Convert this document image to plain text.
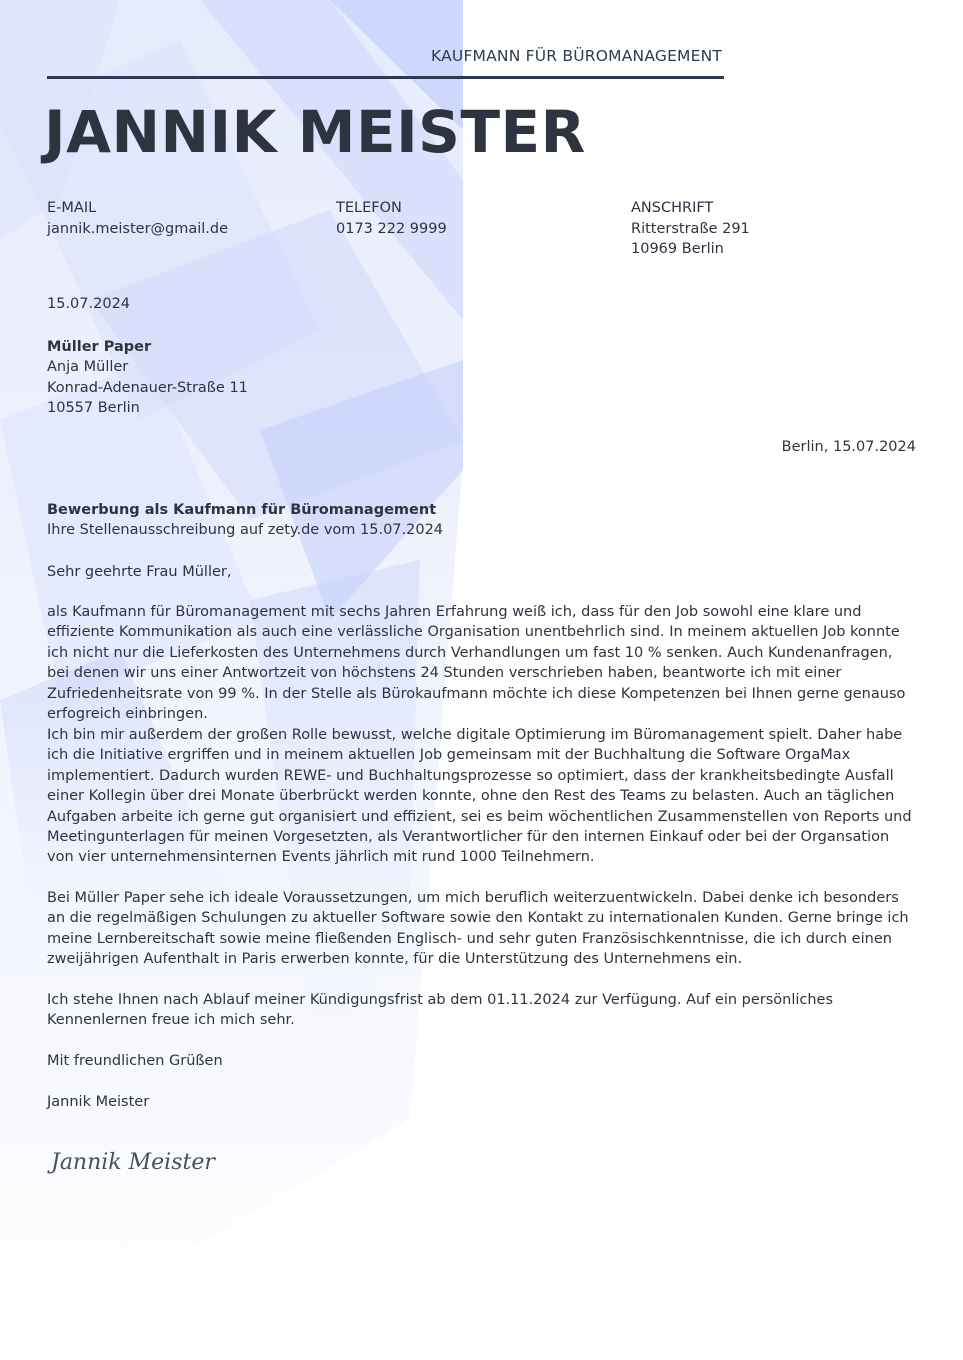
KAUFMANN FÜR BÜROMANAGEMENT
JANNIK MEISTER
E-MAIL
jannik.meister@gmail.de
TELEFON
0173 222 9999
ANSCHRIFT
Ritterstraße 291
10969 Berlin
15.07.2024
Müller Paper
Anja Müller
Konrad-Adenauer-Straße 11
10557 Berlin
Berlin, 15.07.2024
Bewerbung als Kaufmann für Büromanagement
Ihre Stellenausschreibung auf zety.de vom 15.07.2024
Sehr geehrte Frau Müller,
als Kaufmann für Büromanagement mit sechs Jahren Erfahrung weiß ich, dass für den Job sowohl eine klare und effiziente Kommunikation als auch eine verlässliche Organisation unentbehrlich sind. In meinem aktuellen Job konnte ich nicht nur die Lieferkosten des Unternehmens durch Verhandlungen um fast 10 % senken. Auch Kundenanfragen, bei denen wir uns einer Antwortzeit von höchstens 24 Stunden verschrieben haben, beantworte ich mit einer Zufriedenheitsrate von 99 %. In der Stelle als Bürokaufmann möchte ich diese Kompetenzen bei Ihnen gerne genauso erfogreich einbringen.
Ich bin mir außerdem der großen Rolle bewusst, welche digitale Optimierung im Büromanagement spielt. Daher habe ich die Initiative ergriffen und in meinem aktuellen Job gemeinsam mit der Buchhaltung die Software OrgaMax implementiert. Dadurch wurden REWE- und Buchhaltungsprozesse so optimiert, dass der krankheitsbedingte Ausfall einer Kollegin über drei Monate überbrückt werden konnte, ohne den Rest des Teams zu belasten. Auch an täglichen Aufgaben arbeite ich gerne gut organisiert und effizient, sei es beim wöchentlichen Zusammenstellen von Reports und Meetingunterlagen für meinen Vorgesetzten, als Verantwortlicher für den internen Einkauf oder bei der Organsation von vier unternehmensinternen Events jährlich mit rund 1000 Teilnehmern.
Bei Müller Paper sehe ich ideale Voraussetzungen, um mich beruflich weiterzuentwickeln. Dabei denke ich besonders an die regelmäßigen Schulungen zu aktueller Software sowie den Kontakt zu internationalen Kunden. Gerne bringe ich meine Lernbereitschaft sowie meine fließenden Englisch- und sehr guten Französischkenntnisse, die ich durch einen zweijährigen Aufenthalt in Paris erwerben konnte, für die Unterstützung des Unternehmens ein.
Ich stehe Ihnen nach Ablauf meiner Kündigungsfrist ab dem 01.11.2024 zur Verfügung. Auf ein persönliches Kennenlernen freue ich mich sehr.
Mit freundlichen Grüßen
Jannik Meister
Jannik Meister
